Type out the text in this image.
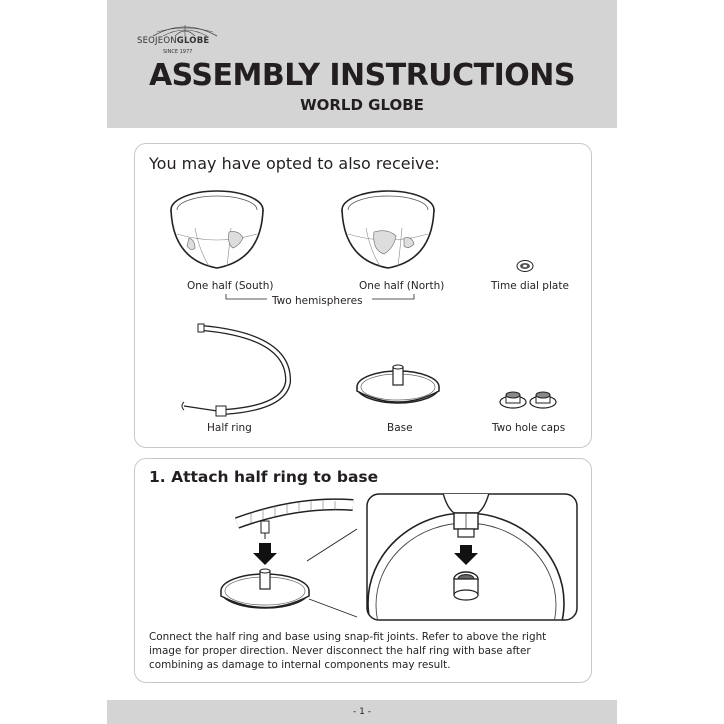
SEOJEONGLOBE
SINCE 1977
ASSEMBLY INSTRUCTIONS
WORLD GLOBE
You may have opted to also receive:
One half (South)	One half (North)	Time dial plate
Two hemispheres
Half ring	Base	Two hole caps
1. Attach half ring to base
Connect the half ring and base using snap-fit joints. Refer to above the right image for proper direction. Never disconnect the half ring with base after combining as damage to internal components may result.
- 1 -
